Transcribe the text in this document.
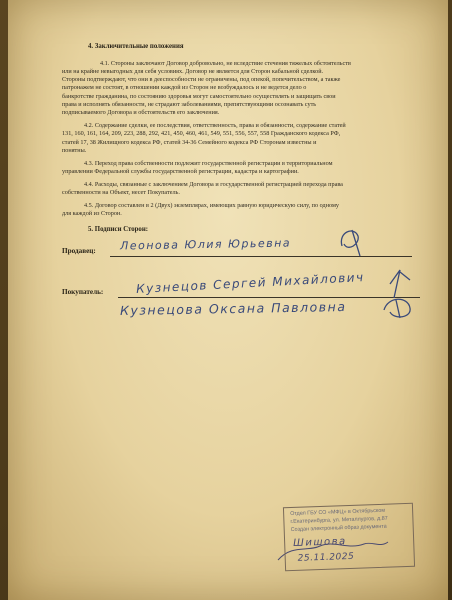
4. Заключительные положения
4.1. Стороны заключают Договор добровольно, не вследствие стечения тяжелых обстоятельств
или на крайне невыгодных для себя условиях. Договор не является для Сторон кабальной сделкой.
Стороны подтверждают, что они в дееспособности не ограничены, под опекой, попечительством, а также
патронажем не состоят, в отношении каждой из Сторон не возбуждалось и не ведется дело о
банкротстве гражданина, по состоянию здоровья могут самостоятельно осуществлять и защищать свои
права и исполнять обязанности, не страдают заболеваниями, препятствующими осознавать суть
подписываемого Договора и обстоятельств его заключения.
4.2. Содержание сделки, ее последствия, ответственность, права и обязанности, содержание статей
131, 160, 161, 164, 209, 223, 288, 292, 421, 450, 460, 461, 549, 551, 556, 557, 558 Гражданского кодекса РФ,
статей 17, 38 Жилищного кодекса РФ, статей 34-36 Семейного кодекса РФ Сторонам известны и
понятны.
4.3. Переход права собственности подлежит государственной регистрации в территориальном
управлении Федеральной службы государственной регистрации, кадастра и картографии.
4.4. Расходы, связанные с заключением Договора и государственной регистрацией перехода права
собственности на Объект, несет Покупатель.
4.5. Договор составлен в 2 (Двух) экземплярах, имеющих равную юридическую силу, по одному
для каждой из Сторон.
5. Подписи Сторон:
Продавец: Леонова Юлия Юрьевна
Покупатель:	Кузнецов Сергей Михайлович
Кузнецова Оксана Павловна
Отдел ГБУ СО «МФЦ» в Октябрьском
г.Екатеринбурга, ул. Металлургов, д.87
Создан электронный образ документа
Шишова
25.11.2025
